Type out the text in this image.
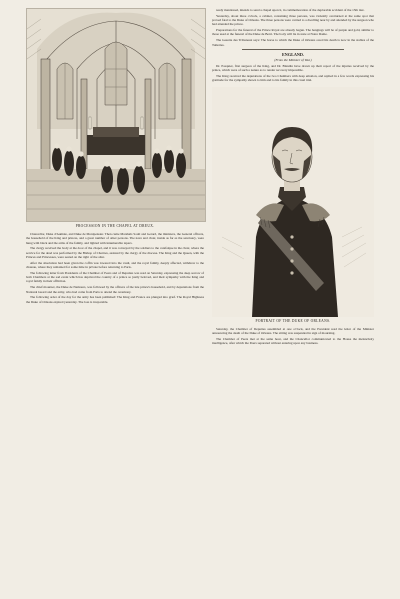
PROCESSION IN THE CHAPEL AT DREUX.

Chancellor, Duke d'Aumale, and Duke de Montpensier. Then came Marshals Soult and Gerard, the ministers, the General officers, the household of the King and princes, and a great number of other persons. The nave and choir, inside as far as the sanctuary, were hung with black and the arms of the family, and lighted with innumerable tapers.

The clergy received the body at the door of the chapel, and it was conveyed by the soldiers to the catafalque in the choir, where the service for the dead was performed by the Bishop of Chartres, assisted by the clergy of the diocese. The King and the Queen, with the Princes and Princesses, were seated on the right of the altar.

After the absolution had been given the coffin was lowered into the vault, and the royal family, deeply affected, withdrew to the chateau, where they remained for some time in private before returning to Paris.

The following letter from Presidents of the Chamber of Peers and of Deputies was read on Saturday, expressing the deep sorrow of both Chambers at the sad event which has deprived the country of a prince so justly beloved, and their sympathy with the King and royal family in their affliction.

The chief mourner, the Duke de Nemours, was followed by the officers of the late prince's household, and by deputations from the National Guard and the army, who had come from Paris to attend the ceremony.

The following order of the day for the army has been published: The King and France are plunged into grief. The Royal Highness the Duke of Orleans expired yesterday. The loss is irreparable.

ready mentioned, intends to send a chapel upon it, in commemoration of the deplorable accident of the 13th inst.

Yesterday, about three o'clock, a cabinet, containing three persons, was violently overturned at the same spot that proved fatal to the Duke of Orleans. The three persons were carried to a dwelling near by and attended by the surgeon who had attended the prince.

Preparations for the funeral of the Prince Royal are already begun. The hangings will be of purple and gold, similar to those used at the funeral of the Duke de Berri. The body will lie in state at Notre Dame.

The Gazette des Tribunaux says: The horse to which the Duke of Orleans owed his death is now in the stables of the Tuileries.

ENGLAND.
(From the Minister of War.)

Dr. Pasquier, first surgeon of the King, and Dr. Blandin have drawn up their report of the injuries received by the prince, which were of such a nature as to render recovery impossible.

The King received the deputations of the two Chambers with deep emotion, and replied in a few words expressing his gratitude for the sympathy shown to him and to his family in this cruel trial.

PORTRAIT OF THE DUKE OF ORLEANS.

Saturday, the Chamber of Deputies assembled at one o'clock, and the President read the letter of the Minister announcing the death of the Duke of Orleans. The sitting was suspended in sign of mourning.

The Chamber of Peers met at the same hour, and the Chancellor communicated to the House the melancholy intelligence, after which the Peers separated without entering upon any business.
